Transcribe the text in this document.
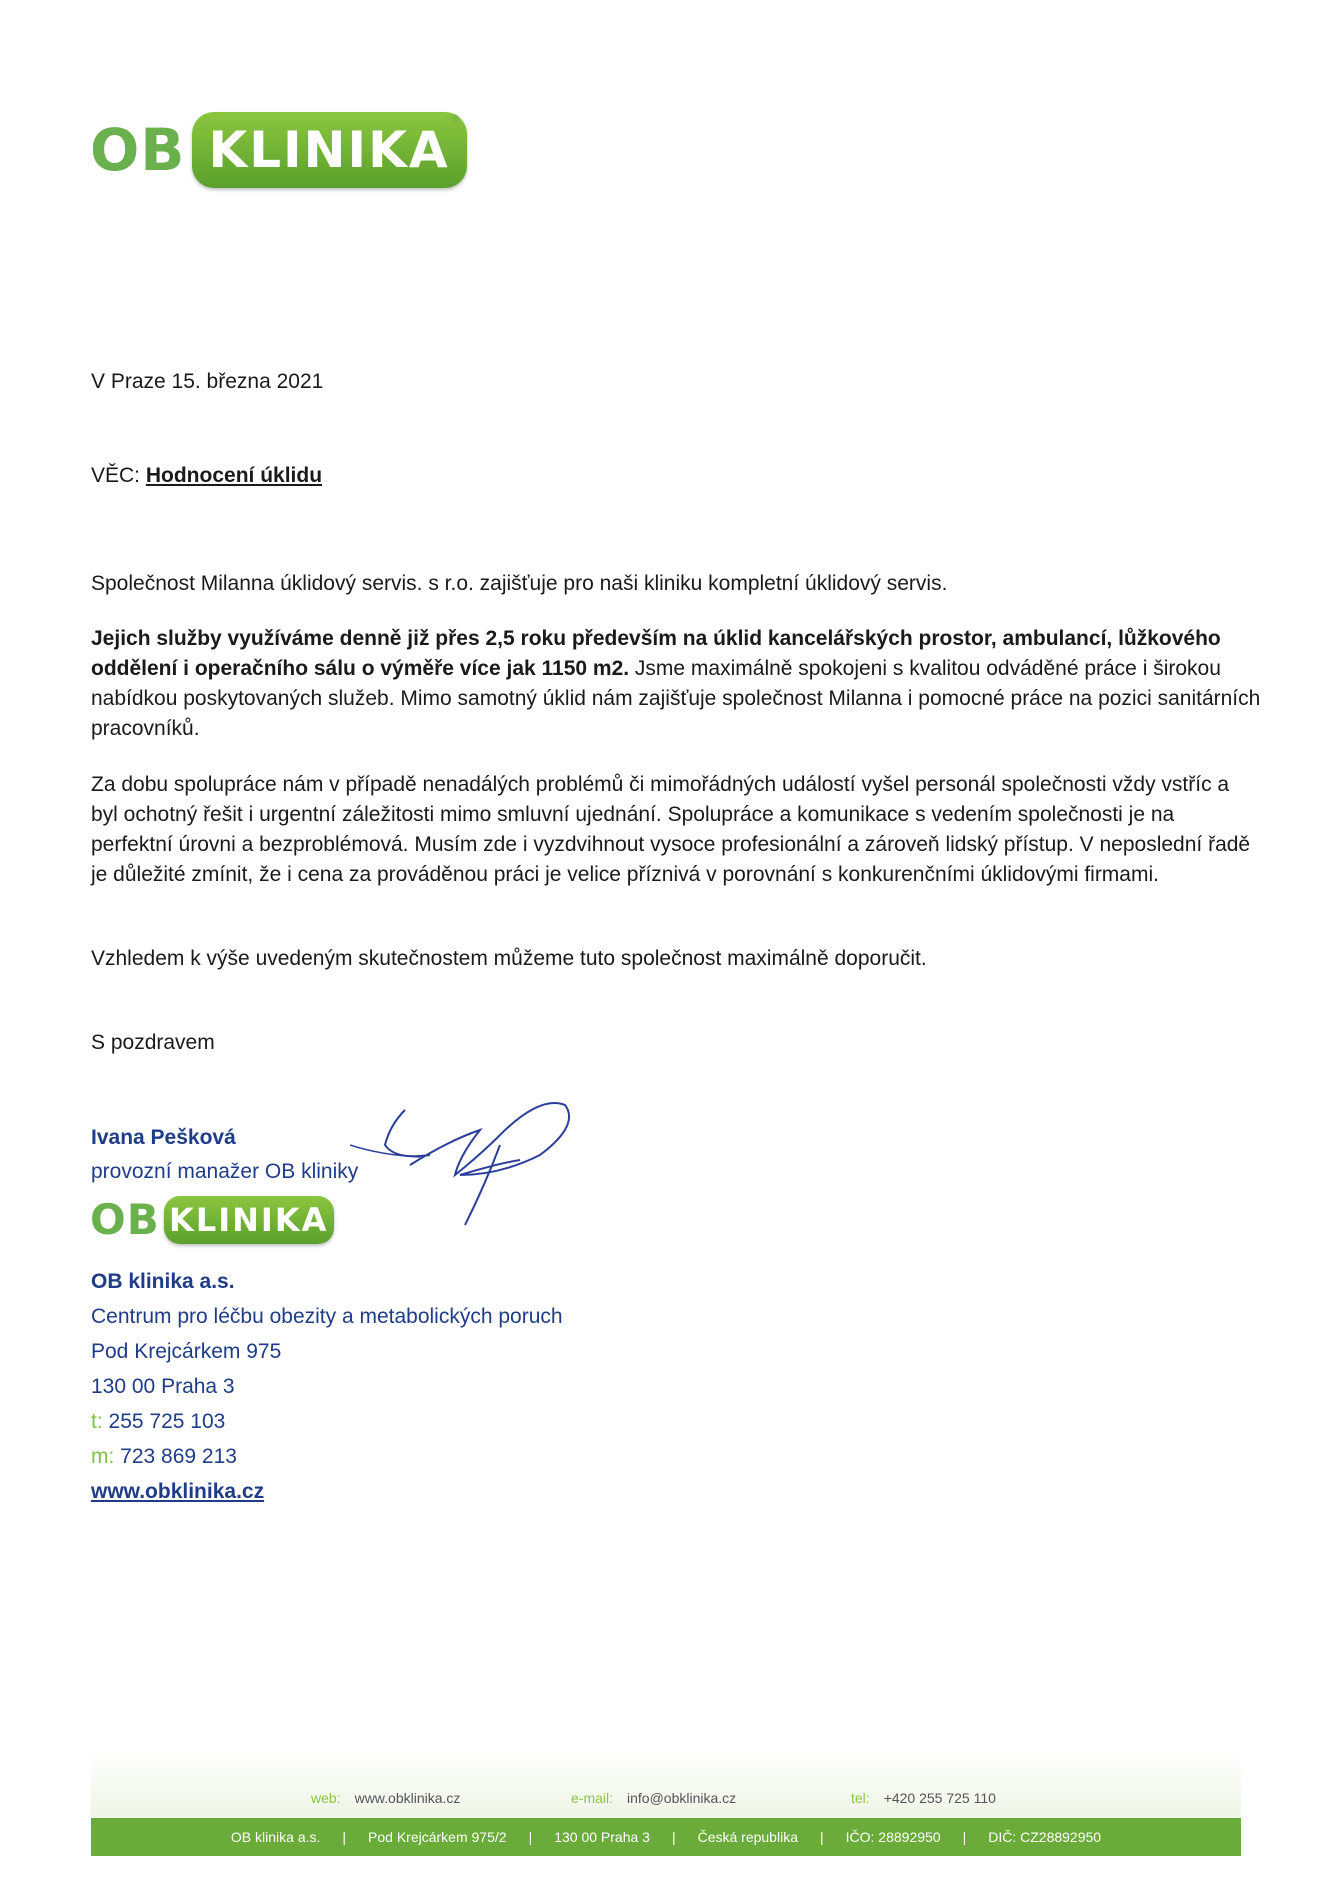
OB KLINIKA
®
V Praze 15. března 2021
VĚC: Hodnocení úklidu
Společnost Milanna úklidový servis. s r.o. zajišťuje pro naši kliniku kompletní úklidový servis.
Jejich služby využíváme denně již přes 2,5 roku především na úklid kancelářských prostor, ambulancí, lůžkového oddělení i operačního sálu o výměře více jak 1150 m2. Jsme maximálně spokojeni s kvalitou odváděné práce i širokou nabídkou poskytovaných služeb. Mimo samotný úklid nám zajišťuje společnost Milanna i pomocné práce na pozici sanitárních pracovníků.
Za dobu spolupráce nám v případě nenadálých problémů či mimořádných událostí vyšel personál společnosti vždy vstříc a byl ochotný řešit i urgentní záležitosti mimo smluvní ujednání. Spolupráce a komunikace s vedením společnosti je na perfektní úrovni a bezproblémová. Musím zde i vyzdvihnout vysoce profesionální a zároveň lidský přístup. V neposlední řadě je důležité zmínit, že i cena za prováděnou práci je velice příznivá v porovnání s konkurenčními úklidovými firmami.
Vzhledem k výše uvedeným skutečnostem můžeme tuto společnost maximálně doporučit.
S pozdravem
Ivana Pešková
provozní manažer OB kliniky
OB KLINIKA
OB klinika a.s.
Centrum pro léčbu obezity a metabolických poruch
Pod Krejcárkem 975
130 00 Praha 3
t: 255 725 103
m: 723 869 213
www.obklinika.cz
web: www.obklinika.cz	e-mail: info@obklinika.cz	tel: +420 255 725 110
OB klinika a.s. | Pod Krejcárkem 975/2 | 130 00 Praha 3 | Česká republika | IČO: 28892950 | DIČ: CZ28892950
